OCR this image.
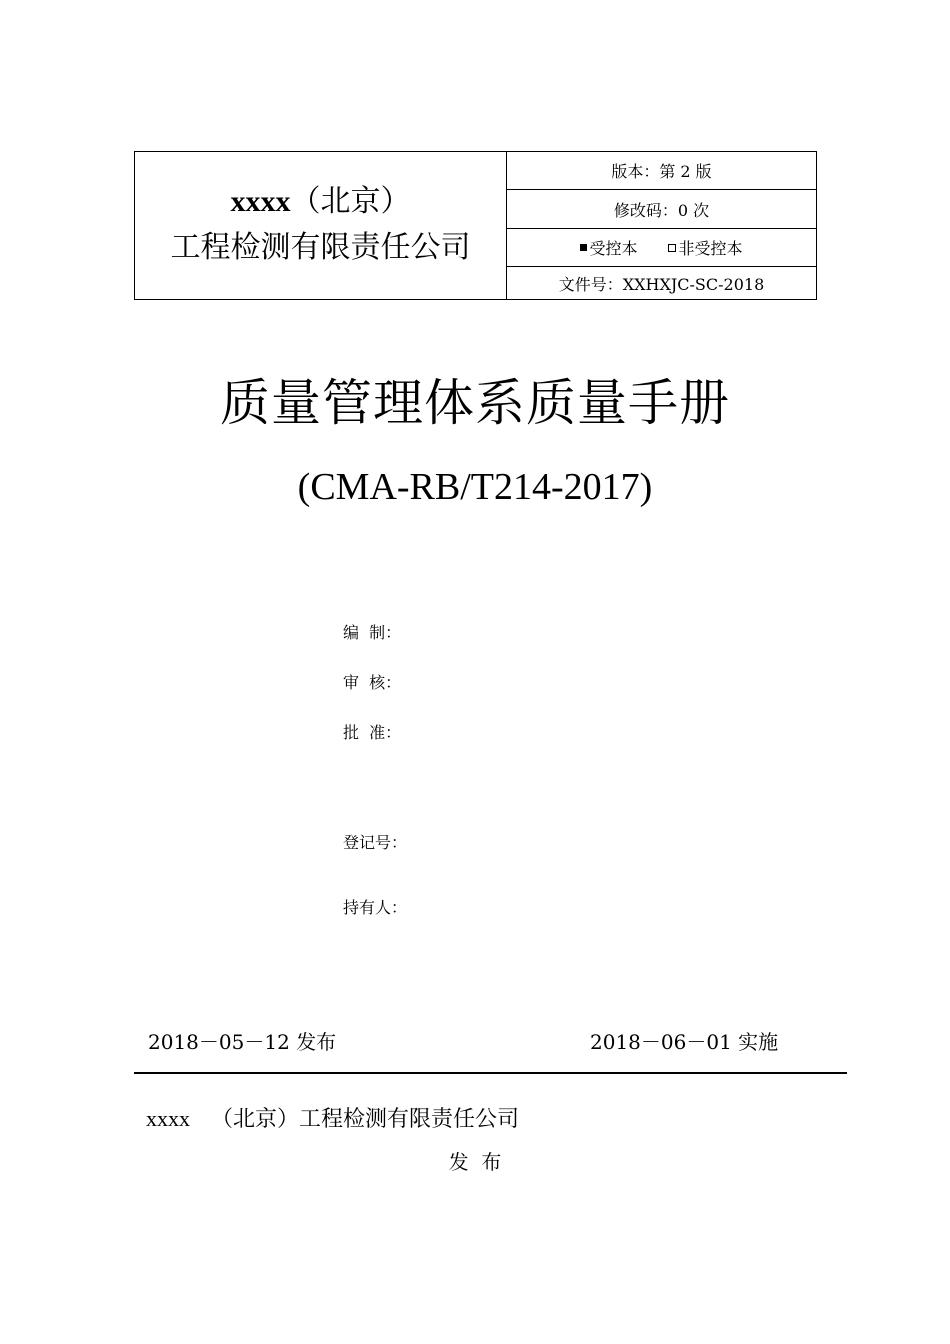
xxxx（北京）
工程检测有限责任公司
版本：第 2 版
修改码：0 次
受控本	非受控本
文件号：XXHXJC-SC-2018
质量管理体系质量手册
(CMA-RB/T214-2017)
编  制：
审  核：
批  准：
登记号：
持有人：
2018－05－12 发布	2018－06－01 实施
xxxx （北京）工程检测有限责任公司
发  布
